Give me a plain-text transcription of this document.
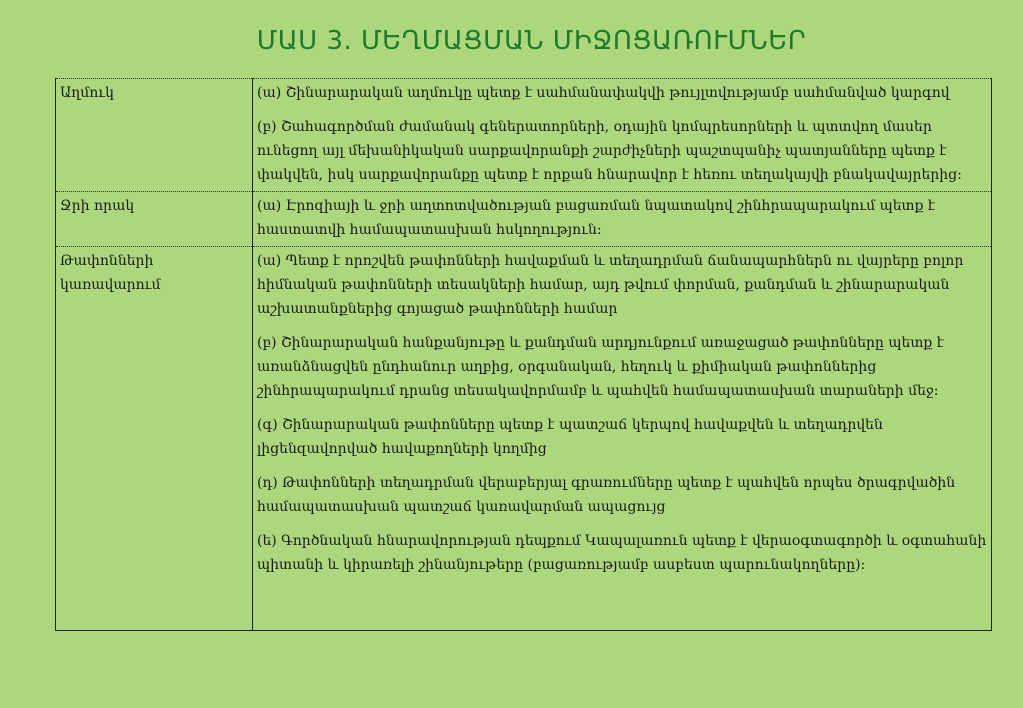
ՄԱՍ 3. ՄԵՂՄԱՑՄԱՆ ՄԻՋՈՑԱՌՈՒՄՆԵՐ
Աղմուկ	(ա) Շինարարական աղմուկը պետք է սահմանափակվի թույլտվությամբ սահմանված կարգով

(բ) Շահագործման ժամանակ գեներատորների, օդային կոմպրեսորների և պտտվող մասեր ունեցող այլ մեխանիկական սարքավորանքի շարժիչների պաշտպանիչ պատյանները պետք է փակվեն, իսկ սարքավորանքը պետք է որքան հնարավոր է հեռու տեղակայվի բնակավայրերից:

Ջրի որակ	(ա) Էրոզիայի և ջրի աղտոտվածության բացառման նպատակով շինհրապարակում պետք է հաստատվի համապատասխան հսկողություն:

Թափոնների կառավարում	(ա) Պետք է որոշվեն թափոնների հավաքման և տեղադրման ճանապարհներն ու վայրերը բոլոր հիմնական թափոնների տեսակների համար, այդ թվում փորման, քանդման և շինարարական աշխատանքներից գոյացած թափոնների համար

(բ) Շինարարական հանքանյութը և քանդման արդյունքում առաջացած թափոնները պետք է առանձնացվեն ընդհանուր աղբից, օրգանական, հեղուկ և քիմիական թափոններից շինհրապարակում դրանց տեսակավորմամբ և պահվեն համապատասխան տարաների մեջ:

(գ) Շինարարական թափոնները պետք է պատշաճ կերպով հավաքվեն և տեղադրվեն լիցենզավորված հավաքողների կողմից

(դ) Թափոնների տեղադրման վերաբերյալ գրառումները պետք է պահվեն որպես ծրագրվածին համապատասխան պատշաճ կառավարման ապացույց

(ե) Գործնական հնարավորության դեպքում Կապալառուն պետք է վերաօգտագործի և օգտահանի պիտանի և կիրառելի շինանյութերը (բացառությամբ ասբեստ պարունակողները):
